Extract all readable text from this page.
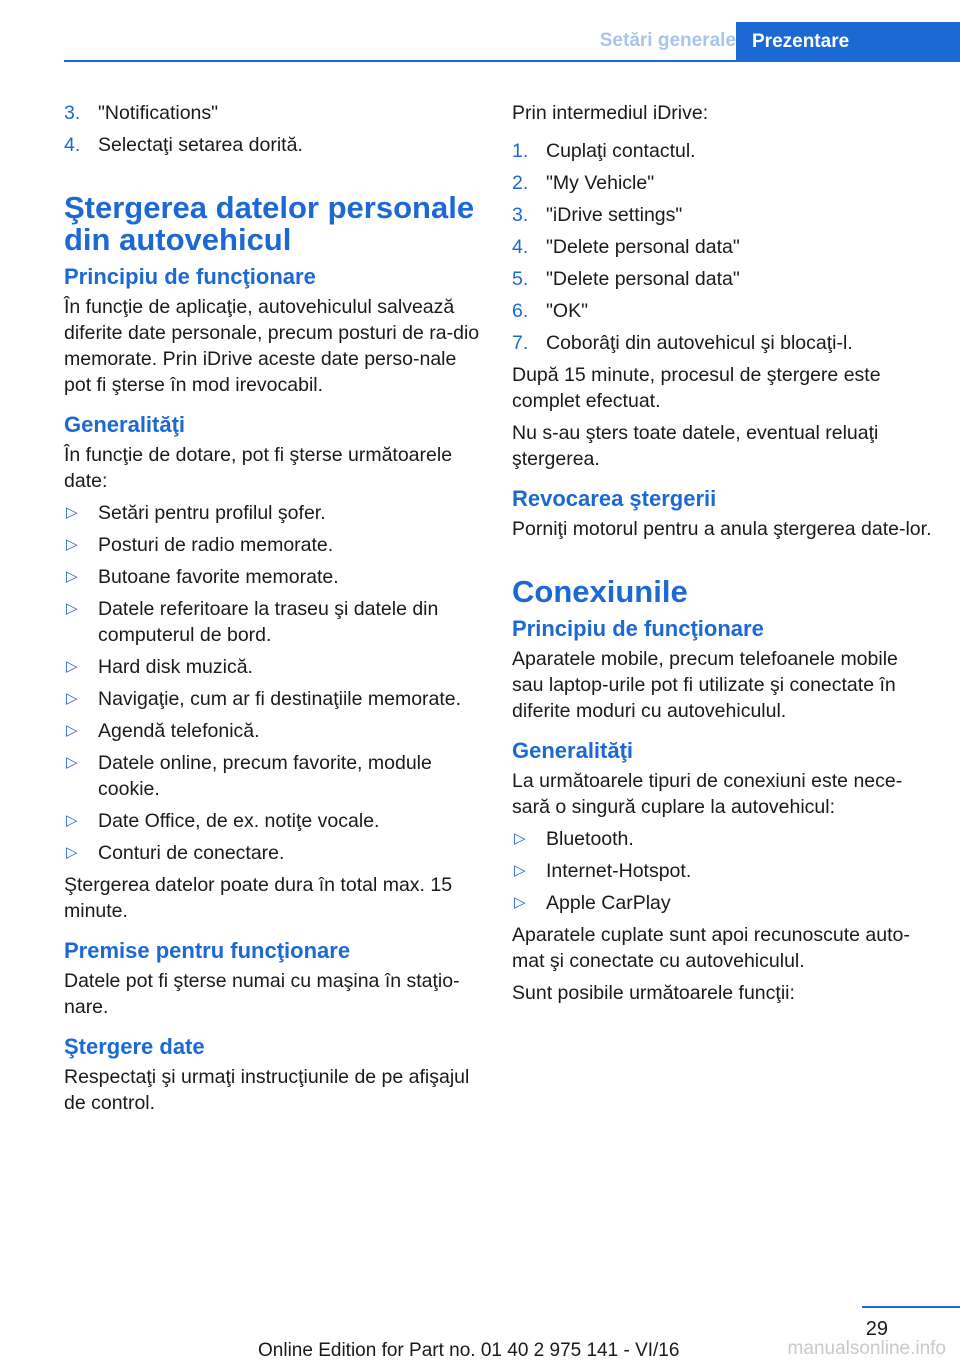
Setări generale Prezentare
3. "Notifications"
4. Selectaţi setarea dorită.
Ştergerea datelor personale din autovehicul
Principiu de funcţionare
În funcţie de aplicaţie, autovehiculul salvează diferite date personale, precum posturi de ra-dio memorate. Prin iDrive aceste date perso-nale pot fi şterse în mod irevocabil.
Generalităţi
În funcţie de dotare, pot fi şterse următoarele date:
▷	Setări pentru profilul şofer.
▷	Posturi de radio memorate.
▷	Butoane favorite memorate.
▷	Datele referitoare la traseu şi datele din computerul de bord.
▷	Hard disk muzică.
▷	Navigaţie, cum ar fi destinaţiile memorate.
▷	Agendă telefonică.
▷	Datele online, precum favorite, module cookie.
▷	Date Office, de ex. notiţe vocale.
▷	Conturi de conectare.
Ştergerea datelor poate dura în total max. 15 minute.
Premise pentru funcţionare
Datele pot fi şterse numai cu maşina în staţio-nare.
Ştergere date
Respectaţi şi urmaţi instrucţiunile de pe afişajul de control.
Prin intermediul iDrive:
1. Cuplaţi contactul.
2. "My Vehicle"
3. "iDrive settings"
4. "Delete personal data"
5. "Delete personal data"
6. "OK"
7. Coborâţi din autovehicul şi blocaţi-l.
După 15 minute, procesul de ştergere este complet efectuat.
Nu s-au şters toate datele, eventual reluaţi ştergerea.
Revocarea ştergerii
Porniţi motorul pentru a anula ştergerea date-lor.
Conexiunile
Principiu de funcţionare
Aparatele mobile, precum telefoanele mobile sau laptop-urile pot fi utilizate şi conectate în diferite moduri cu autovehiculul.
Generalităţi
La următoarele tipuri de conexiuni este nece-sară o singură cuplare la autovehicul:
▷	Bluetooth.
▷	Internet-Hotspot.
▷	Apple CarPlay
Aparatele cuplate sunt apoi recunoscute auto-mat şi conectate cu autovehiculul.
Sunt posibile următoarele funcţii:
29
Online Edition for Part no. 01 40 2 975 141 - VI/16	manualsonline.info
